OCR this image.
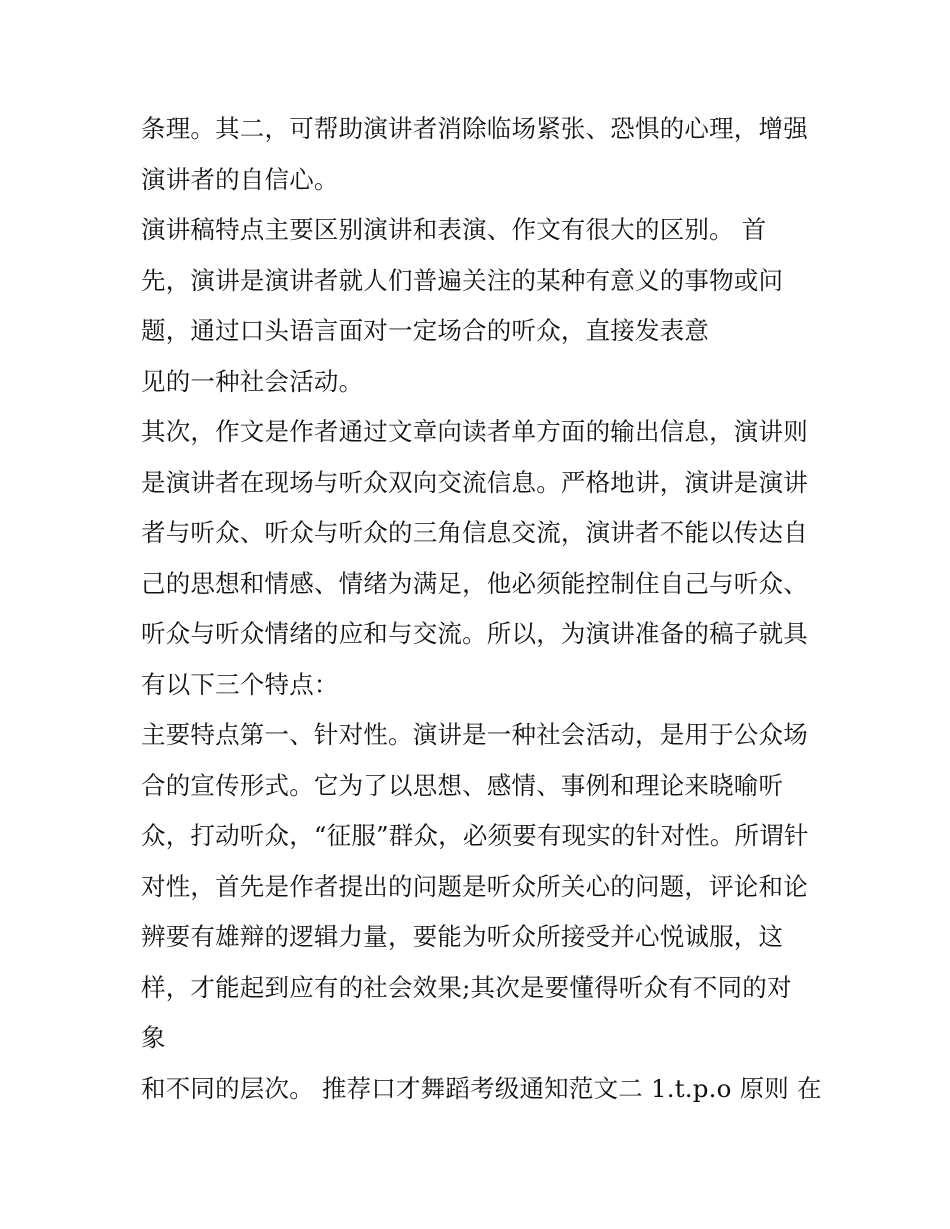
条理。其二，可帮助演讲者消除临场紧张、恐惧的心理，增强
演讲者的自信心。
演讲稿特点主要区别演讲和表演、作文有很大的区别。 首
先，演讲是演讲者就人们普遍关注的某种有意义的事物或问
题，通过口头语言面对一定场合的听众，直接发表意
见的一种社会活动。
其次，作文是作者通过文章向读者单方面的输出信息，演讲则
是演讲者在现场与听众双向交流信息。严格地讲，演讲是演讲
者与听众、听众与听众的三角信息交流，演讲者不能以传达自
己的思想和情感、情绪为满足，他必须能控制住自己与听众、
听众与听众情绪的应和与交流。所以，为演讲准备的稿子就具
有以下三个特点：
主要特点第一、针对性。演讲是一种社会活动，是用于公众场
合的宣传形式。它为了以思想、感情、事例和理论来晓喻听
众，打动听众，“征服”群众，必须要有现实的针对性。所谓针
对性，首先是作者提出的问题是听众所关心的问题，评论和论
辨要有雄辩的逻辑力量，要能为听众所接受并心悦诚服，这
样，才能起到应有的社会效果;其次是要懂得听众有不同的对
象
和不同的层次。 推荐口才舞蹈考级通知范文二 1.t.p.o 原则 在
